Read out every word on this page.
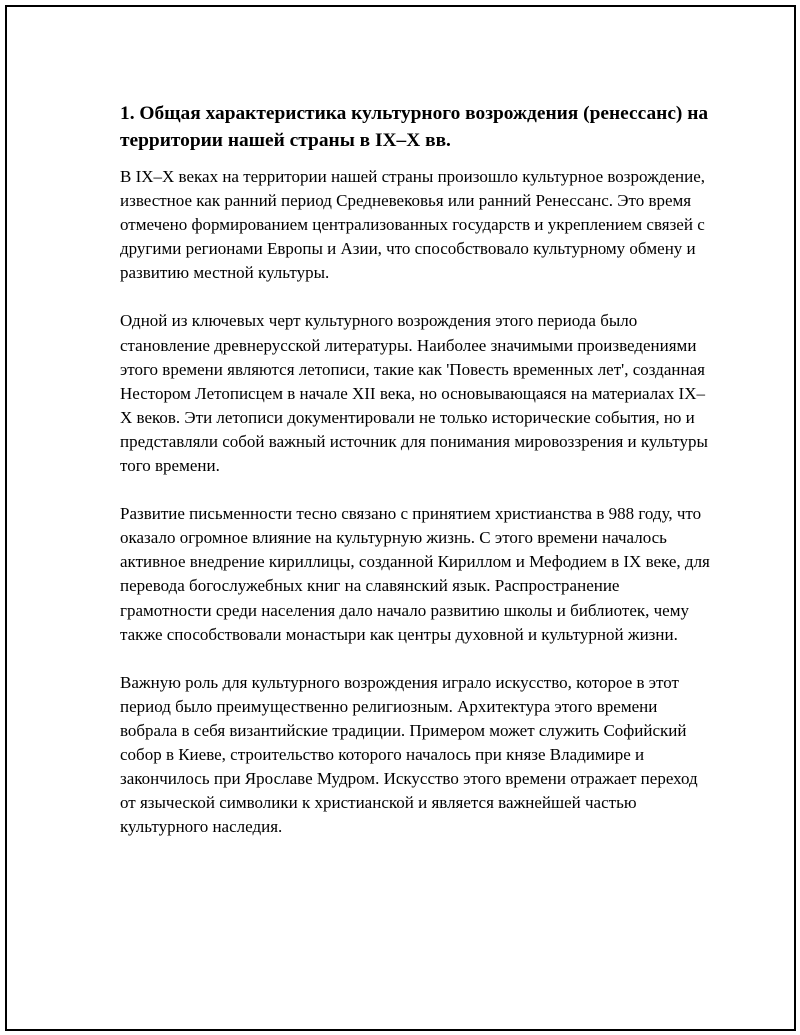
1. Общая характеристика культурного возрождения (ренессанс) на территории нашей страны в IX–X вв.

В IX–X веках на территории нашей страны произошло культурное возрождение, известное как ранний период Средневековья или ранний Ренессанс. Это время отмечено формированием централизованных государств и укреплением связей с другими регионами Европы и Азии, что способствовало культурному обмену и развитию местной культуры.

Одной из ключевых черт культурного возрождения этого периода было становление древнерусской литературы. Наиболее значимыми произведениями этого времени являются летописи, такие как 'Повесть временных лет', созданная Нестором Летописцем в начале XII века, но основывающаяся на материалах IX–X веков. Эти летописи документировали не только исторические события, но и представляли собой важный источник для понимания мировоззрения и культуры того времени.

Развитие письменности тесно связано с принятием христианства в 988 году, что оказало огромное влияние на культурную жизнь. С этого времени началось активное внедрение кириллицы, созданной Кириллом и Мефодием в IX веке, для перевода богослужебных книг на славянский язык. Распространение грамотности среди населения дало начало развитию школы и библиотек, чему также способствовали монастыри как центры духовной и культурной жизни.

Важную роль для культурного возрождения играло искусство, которое в этот период было преимущественно религиозным. Архитектура этого времени вобрала в себя византийские традиции. Примером может служить Софийский собор в Киеве, строительство которого началось при князе Владимире и закончилось при Ярославе Мудром. Искусство этого времени отражает переход от языческой символики к христианской и является важнейшей частью культурного наследия.
